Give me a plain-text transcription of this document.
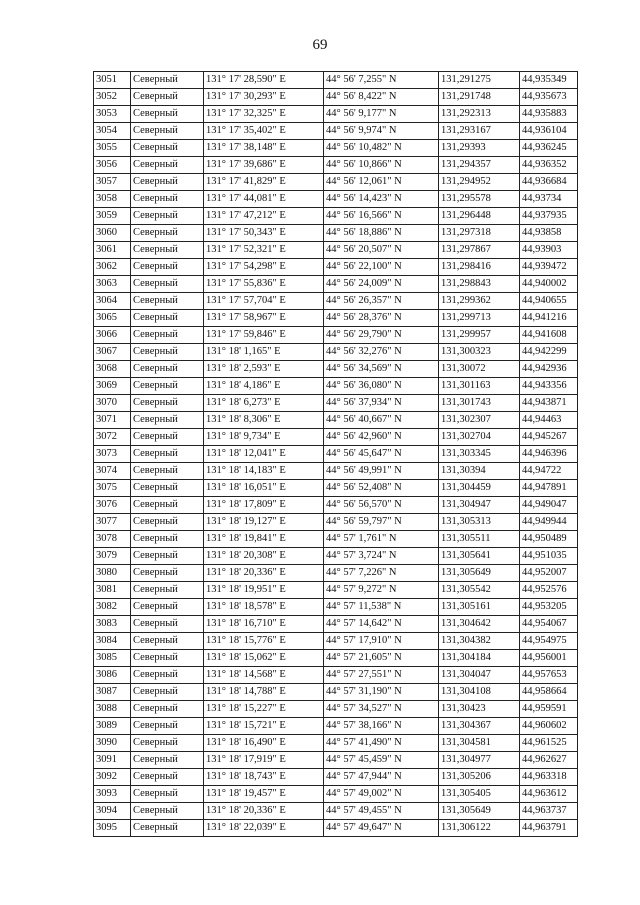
69
3051	Северный	131° 17' 28,590" E	44° 56' 7,255" N	131,291275	44,935349
3052	Северный	131° 17' 30,293" E	44° 56' 8,422" N	131,291748	44,935673
3053	Северный	131° 17' 32,325" E	44° 56' 9,177" N	131,292313	44,935883
3054	Северный	131° 17' 35,402" E	44° 56' 9,974" N	131,293167	44,936104
3055	Северный	131° 17' 38,148" E	44° 56' 10,482" N	131,29393	44,936245
3056	Северный	131° 17' 39,686" E	44° 56' 10,866" N	131,294357	44,936352
3057	Северный	131° 17' 41,829" E	44° 56' 12,061" N	131,294952	44,936684
3058	Северный	131° 17' 44,081" E	44° 56' 14,423" N	131,295578	44,93734
3059	Северный	131° 17' 47,212" E	44° 56' 16,566" N	131,296448	44,937935
3060	Северный	131° 17' 50,343" E	44° 56' 18,886" N	131,297318	44,93858
3061	Северный	131° 17' 52,321" E	44° 56' 20,507" N	131,297867	44,93903
3062	Северный	131° 17' 54,298" E	44° 56' 22,100" N	131,298416	44,939472
3063	Северный	131° 17' 55,836" E	44° 56' 24,009" N	131,298843	44,940002
3064	Северный	131° 17' 57,704" E	44° 56' 26,357" N	131,299362	44,940655
3065	Северный	131° 17' 58,967" E	44° 56' 28,376" N	131,299713	44,941216
3066	Северный	131° 17' 59,846" E	44° 56' 29,790" N	131,299957	44,941608
3067	Северный	131° 18' 1,165" E	44° 56' 32,276" N	131,300323	44,942299
3068	Северный	131° 18' 2,593" E	44° 56' 34,569" N	131,30072	44,942936
3069	Северный	131° 18' 4,186" E	44° 56' 36,080" N	131,301163	44,943356
3070	Северный	131° 18' 6,273" E	44° 56' 37,934" N	131,301743	44,943871
3071	Северный	131° 18' 8,306" E	44° 56' 40,667" N	131,302307	44,94463
3072	Северный	131° 18' 9,734" E	44° 56' 42,960" N	131,302704	44,945267
3073	Северный	131° 18' 12,041" E	44° 56' 45,647" N	131,303345	44,946396
3074	Северный	131° 18' 14,183" E	44° 56' 49,991" N	131,30394	44,94722
3075	Северный	131° 18' 16,051" E	44° 56' 52,408" N	131,304459	44,947891
3076	Северный	131° 18' 17,809" E	44° 56' 56,570" N	131,304947	44,949047
3077	Северный	131° 18' 19,127" E	44° 56' 59,797" N	131,305313	44,949944
3078	Северный	131° 18' 19,841" E	44° 57' 1,761" N	131,305511	44,950489
3079	Северный	131° 18' 20,308" E	44° 57' 3,724" N	131,305641	44,951035
3080	Северный	131° 18' 20,336" E	44° 57' 7,226" N	131,305649	44,952007
3081	Северный	131° 18' 19,951" E	44° 57' 9,272" N	131,305542	44,952576
3082	Северный	131° 18' 18,578" E	44° 57' 11,538" N	131,305161	44,953205
3083	Северный	131° 18' 16,710" E	44° 57' 14,642" N	131,304642	44,954067
3084	Северный	131° 18' 15,776" E	44° 57' 17,910" N	131,304382	44,954975
3085	Северный	131° 18' 15,062" E	44° 57' 21,605" N	131,304184	44,956001
3086	Северный	131° 18' 14,568" E	44° 57' 27,551" N	131,304047	44,957653
3087	Северный	131° 18' 14,788" E	44° 57' 31,190" N	131,304108	44,958664
3088	Северный	131° 18' 15,227" E	44° 57' 34,527" N	131,30423	44,959591
3089	Северный	131° 18' 15,721" E	44° 57' 38,166" N	131,304367	44,960602
3090	Северный	131° 18' 16,490" E	44° 57' 41,490" N	131,304581	44,961525
3091	Северный	131° 18' 17,919" E	44° 57' 45,459" N	131,304977	44,962627
3092	Северный	131° 18' 18,743" E	44° 57' 47,944" N	131,305206	44,963318
3093	Северный	131° 18' 19,457" E	44° 57' 49,002" N	131,305405	44,963612
3094	Северный	131° 18' 20,336" E	44° 57' 49,455" N	131,305649	44,963737
3095	Северный	131° 18' 22,039" E	44° 57' 49,647" N	131,306122	44,963791
